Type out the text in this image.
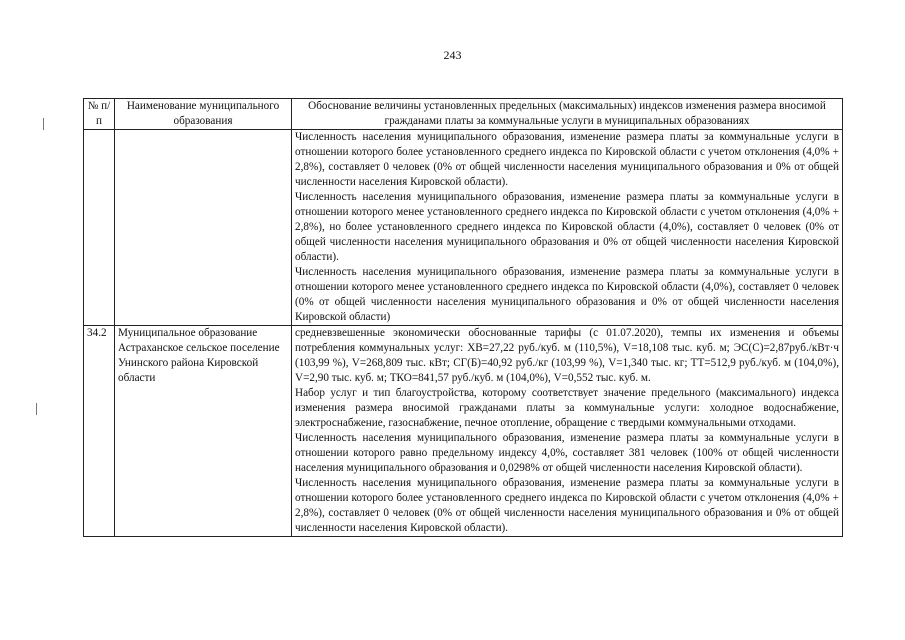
243
№ п/п	Наименование муниципального образования	Обоснование величины установленных предельных (максимальных) индексов изменения размера вносимой гражданами платы за коммунальные услуги в муниципальных образованиях

		Численность населения муниципального образования, изменение размера платы за коммунальные услуги в отношении которого более установленного среднего индекса по Кировской области с учетом отклонения (4,0% + 2,8%), составляет 0 человек (0% от общей численности населения муниципального образования и 0% от общей численности населения Кировской области).

Численность населения муниципального образования, изменение размера платы за коммунальные услуги в отношении которого менее установленного среднего индекса по Кировской области с учетом отклонения (4,0% + 2,8%), но более установленного среднего индекса по Кировской области (4,0%), составляет 0 человек (0% от общей численности населения муниципального образования и 0% от общей численности населения Кировской области).

Численность населения муниципального образования, изменение размера платы за коммунальные услуги в отношении которого менее установленного среднего индекса по Кировской области (4,0%), составляет 0 человек (0% от общей численности населения муниципального образования и 0% от общей численности населения Кировской области)

34.2	Муниципальное образование Астраханское сельское поселение Унинского района Кировской области	средневзвешенные экономически обоснованные тарифы (с 01.07.2020), темпы их изменения и объемы потребления коммунальных услуг: ХВ=27,22 руб./куб. м (110,5%), V=18,108 тыс. куб. м; ЭС(С)=2,87руб./кВт·ч (103,99 %), V=268,809 тыс. кВт; СГ(Б)=40,92 руб./кг (103,99 %), V=1,340 тыс. кг; ТТ=512,9 руб./куб. м (104,0%), V=2,90 тыс. куб. м; ТКО=841,57 руб./куб. м (104,0%), V=0,552 тыс. куб. м.

Набор услуг и тип благоустройства, которому соответствует значение предельного (максимального) индекса изменения размера вносимой гражданами платы за коммунальные услуги: холодное водоснабжение, электроснабжение, газоснабжение, печное отопление, обращение с твердыми коммунальными отходами.

Численность населения муниципального образования, изменение размера платы за коммунальные услуги в отношении которого равно предельному индексу 4,0%, составляет 381 человек (100% от общей численности населения муниципального образования и 0,0298% от общей численности населения Кировской области).

Численность населения муниципального образования, изменение размера платы за коммунальные услуги в отношении которого более установленного среднего индекса по Кировской области с учетом отклонения (4,0% + 2,8%), составляет 0 человек (0% от общей численности населения муниципального образования и 0% от общей численности населения Кировской области).
